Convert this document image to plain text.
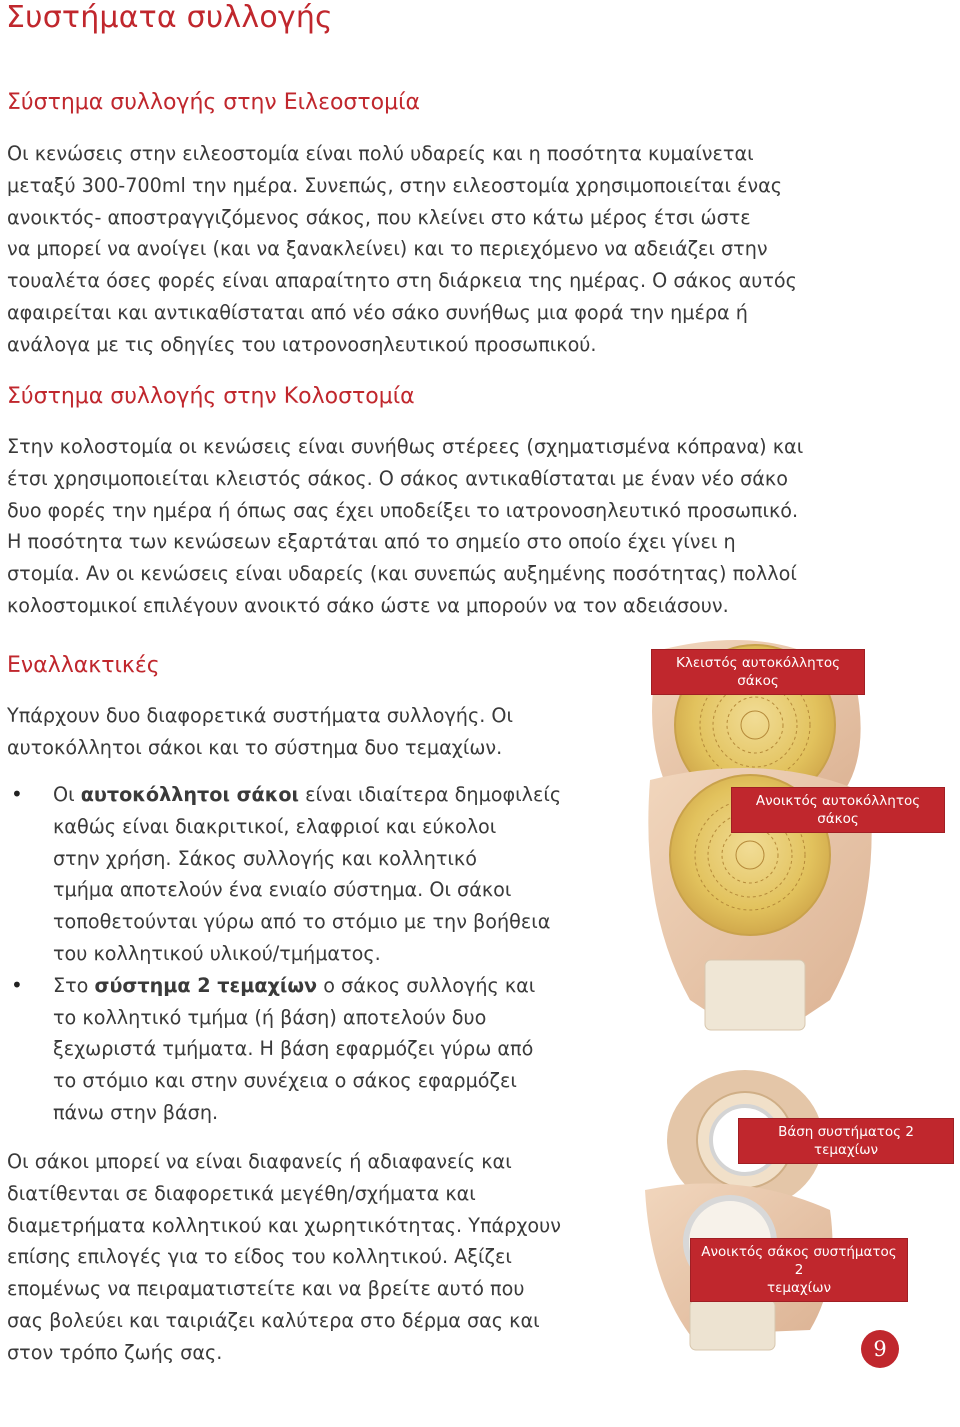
Συστήματα συλλογής
Σύστημα συλλογής στην Ειλεοστομία
Οι κενώσεις στην ειλεοστομία είναι πολύ υδαρείς και η ποσότητα κυμαίνεται
μεταξύ 300-700ml την ημέρα. Συνεπώς, στην ειλεοστομία χρησιμοποιείται ένας
ανοικτός- αποστραγγιζόμενος σάκος, που κλείνει στο κάτω μέρος έτσι ώστε
να μπορεί να ανοίγει (και να ξανακλείνει) και το περιεχόμενο να αδειάζει στην
τουαλέτα όσες φορές είναι απαραίτητο στη διάρκεια της ημέρας. Ο σάκος αυτός
αφαιρείται και αντικαθίσταται από νέο σάκο συνήθως μια φορά την ημέρα ή
ανάλογα με τις οδηγίες του ιατρονοσηλευτικού προσωπικού.
Σύστημα συλλογής στην Κολοστομία
Στην κολοστομία οι κενώσεις είναι συνήθως στέρεες (σχηματισμένα κόπρανα) και
έτσι χρησιμοποιείται κλειστός σάκος. Ο σάκος αντικαθίσταται με έναν νέο σάκο
δυο φορές την ημέρα ή όπως σας έχει υποδείξει το ιατρονοσηλευτικό προσωπικό.
Η ποσότητα των κενώσεων εξαρτάται από το σημείο στο οποίο έχει γίνει η
στομία. Αν οι κενώσεις είναι υδαρείς (και συνεπώς αυξημένης ποσότητας) πολλοί
κολοστομικοί επιλέγουν ανοικτό σάκο ώστε να μπορούν να τον αδειάσουν.
Εναλλακτικές
Υπάρχουν δυο διαφορετικά συστήματα συλλογής. Οι
αυτοκόλλητοι σάκοι και το σύστημα δυο τεμαχίων.
• Οι αυτοκόλλητοι σάκοι είναι ιδιαίτερα δημοφιλείς
καθώς είναι διακριτικοί, ελαφριοί και εύκολοι
στην χρήση. Σάκος συλλογής και κολλητικό
τμήμα αποτελούν ένα ενιαίο σύστημα. Οι σάκοι
τοποθετούνται γύρω από το στόμιο με την βοήθεια
του κολλητικού υλικού/τμήματος.
• Στο σύστημα 2 τεμαχίων ο σάκος συλλογής και
το κολλητικό τμήμα (ή βάση) αποτελούν δυο
ξεχωριστά τμήματα. Η βάση εφαρμόζει γύρω από
το στόμιο και στην συνέχεια ο σάκος εφαρμόζει
πάνω στην βάση.
Οι σάκοι μπορεί να είναι διαφανείς ή αδιαφανείς και
διατίθενται σε διαφορετικά μεγέθη/σχήματα και
διαμετρήματα κολλητικού και χωρητικότητας. Υπάρχουν
επίσης επιλογές για το είδος του κολλητικού. Αξίζει
επομένως να πειραματιστείτε και να βρείτε αυτό που
σας βολεύει και ταιριάζει καλύτερα στο δέρμα σας και
στον τρόπο ζωής σας.
Κλειστός αυτοκόλλητος σάκος
Ανοικτός αυτοκόλλητος σάκος
Βάση συστήματος 2 τεμαχίων
Ανοικτός σάκος συστήματος 2
τεμαχίων
9
